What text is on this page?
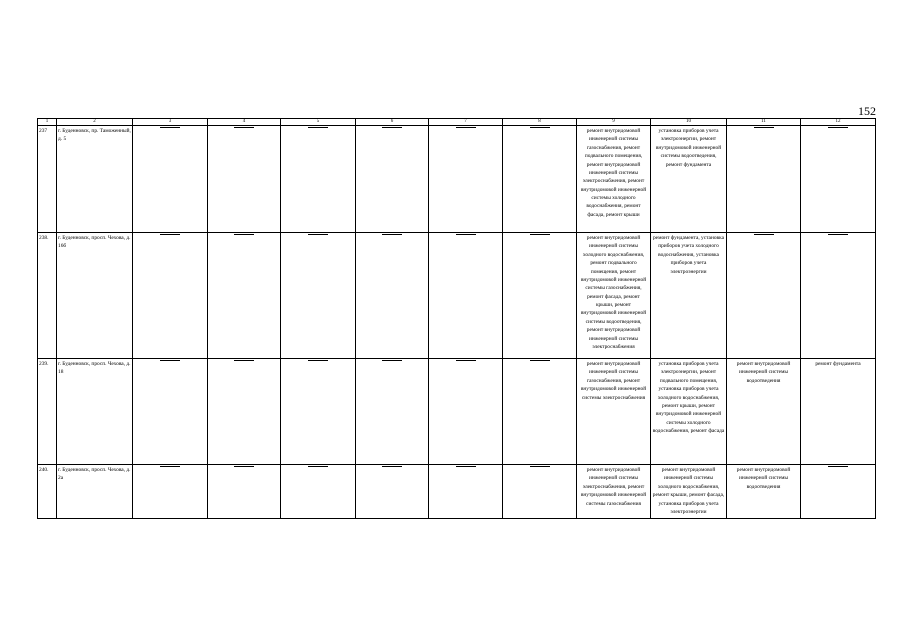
152
1	2	3	4	5	6	7	8	9	10	11	12
237	г. Буденновск, пр. Таможенный, д. 5							ремонт внутридомовой инженерной системы газоснабжения, ремонт подвального помещения, ремонт внутридомовой инженерной системы электроснабжения, ремонт внутридомовой инженерной системы холодного водоснабжения, ремонт фасада, ремонт крыши	установка приборов учета электроэнергии, ремонт внутридомовой инженерной системы водоотведения, ремонт фундамента	

238.	г. Буденновск, просп. Чехова, д. 16б							ремонт внутридомовой инженерной системы холодного водоснабжения, ремонт подвального помещения, ремонт внутридомовой инженерной системы газоснабжения, ремонт фасада, ремонт крыши, ремонт внутридомовой инженерной системы водоотведения, ремонт внутридомовой инженерной системы электроснабжения	ремонт фундамента, установка приборов учета холодного водоснабжения, установка приборов учета электроэнергии	

239.	г. Буденновск, просп. Чехова, д. 18							ремонт внутридомовой инженерной системы газоснабжения, ремонт внутридомовой инженерной системы электроснабжения	установка приборов учета электроэнергии, ремонт подвального помещения, установка приборов учета холодного водоснабжения, ремонт крыши, ремонт внутридомовой инженерной системы холодного водоснабжения, ремонт фасада	ремонт внутридомовой инженерной системы водоотведения	ремонт фундамента
240.	г. Буденновск, просп. Чехова, д. 2а							ремонт внутридомовой инженерной системы электроснабжения, ремонт внутридомовой инженерной системы газоснабжения	ремонт внутридомовой инженерной системы холодного водоснабжения, ремонт крыши, ремонт фасада, установка приборов учета электроэнергии	ремонт внутридомовой инженерной системы водоотведения	
